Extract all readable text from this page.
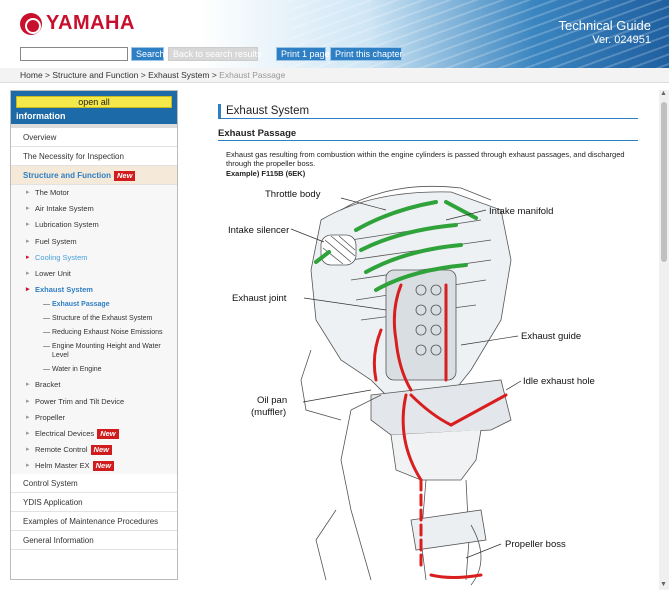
YAMAHA	Technical Guide
Ver. 024951
Search Back to search results	Print 1 page Print this chapter
Home > Structure and Function > Exhaust System > Exhaust Passage
open all
information
Overview
The Necessity for Inspection
Structure and Function New
▸ The Motor
▸ Air Intake System
▸ Lubrication System
▸ Fuel System
▸ Cooling System
▸ Lower Unit
▸ Exhaust System
Exhaust Passage
Structure of the Exhaust System
Reducing Exhaust Noise Emissions
Engine Mounting Height and Water Level
Water in Engine
▸ Bracket
▸ Power Trim and Tilt Device
▸ Propeller
▸ Electrical Devices New
▸ Remote Control New
▸ Helm Master EX New
Control System
YDIS Application
Examples of Maintenance Procedures
General Information
Exhaust System
Exhaust Passage
Exhaust gas resulting from combustion within the engine cylinders is passed through exhaust passages, and discharged through the propeller boss.
Example) F115B (6EK)
Throttle body
Intake manifold
Intake silencer
Exhaust joint
Exhaust guide
Idle exhaust hole
Oil pan
(muffler)
Propeller boss
▲
▼
